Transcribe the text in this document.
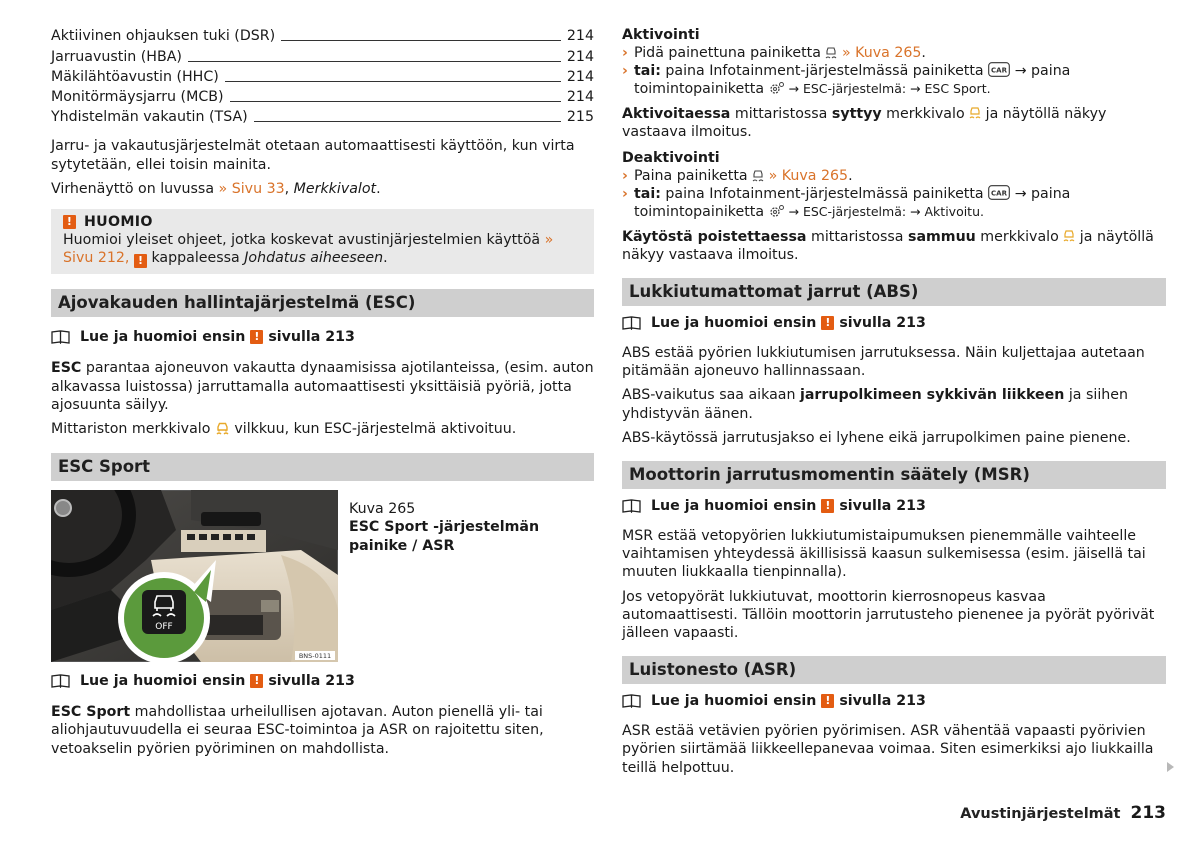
Aktiivinen ohjauksen tuki (DSR)	214
Jarruavustin (HBA)	214
Mäkilähtöavustin (HHC)	214
Monitörmäysjarru (MCB)	214
Yhdistelmän vakautin (TSA)	215

Jarru- ja vakautusjärjestelmät otetaan automaattisesti käyttöön, kun virta sytytetään, ellei toisin mainita.

Virhenäyttö on luvussa » Sivu 33, Merkkivalot.

! HUOMIO

Huomioi yleiset ohjeet, jotka koskevat avustinjärjestelmien käyttöä » Sivu 212, ! kappaleessa Johdatus aiheeseen.

Ajovakauden hallintajärjestelmä (ESC)
Lue ja huomioi ensin ! sivulla 213

ESC parantaa ajoneuvon vakautta dynaamisissa ajotilanteissa, (esim. auton alkavassa luistossa) jarruttamalla automaattisesti yksittäisiä pyöriä, jotta ajosuunta säilyy.

Mittariston merkkivalo  vilkkuu, kun ESC-järjestelmä aktivoituu.

ESC Sport
OFF
BNS-0111
Kuva 265
ESC Sport -järjestelmän painike / ASR
Lue ja huomioi ensin ! sivulla 213

ESC Sport mahdollistaa urheilullisen ajotavan. Auton pienellä yli- tai aliohjautuvuudella ei seuraa ESC-toimintoa ja ASR on rajoitettu siten, vetoakselin pyörien pyöriminen on mahdollista.

Aktivointi
› Pidä painettuna painiketta  » Kuva 265.
› tai: paina Infotainment-järjestelmässä painiketta CAR → paina toimintopainiketta  → ESC-järjestelmä: → ESC Sport.

Aktivoitaessa mittaristossa syttyy merkkivalo  ja näytöllä näkyy vastaava ilmoitus.

Deaktivointi
› Paina painiketta  » Kuva 265.
› tai: paina Infotainment-järjestelmässä painiketta CAR → paina toimintopainiketta  → ESC-järjestelmä: → Aktivoitu.

Käytöstä poistettaessa mittaristossa sammuu merkkivalo  ja näytöllä näkyy vastaava ilmoitus.

Lukkiutumattomat jarrut (ABS)
Lue ja huomioi ensin ! sivulla 213

ABS estää pyörien lukkiutumisen jarrutuksessa. Näin kuljettajaa autetaan pitämään ajoneuvo hallinnassaan.

ABS-vaikutus saa aikaan jarrupolkimeen sykkivän liikkeen ja siihen yhdistyvän äänen.

ABS-käytössä jarrutusjakso ei lyhene eikä jarrupolkimen paine pienene.

Moottorin jarrutusmomentin säätely (MSR)
Lue ja huomioi ensin ! sivulla 213

MSR estää vetopyörien lukkiutumistaipumuksen pienemmälle vaihteelle vaihtamisen yhteydessä äkillisissä kaasun sulkemisessa (esim. jäisellä tai muuten liukkaalla tienpinnalla).

Jos vetopyörät lukkiutuvat, moottorin kierrosnopeus kasvaa automaattisesti. Tällöin moottorin jarrutusteho pienenee ja pyörät pyörivät jälleen vapaasti.

Luistonesto (ASR)
Lue ja huomioi ensin ! sivulla 213

ASR estää vetävien pyörien pyörimisen. ASR vähentää vapaasti pyörivien pyörien siirtämää liikkeellepanevaa voimaa. Siten esimerkiksi ajo liukkailla teillä helpottuu.

Avustinjärjestelmät 213
